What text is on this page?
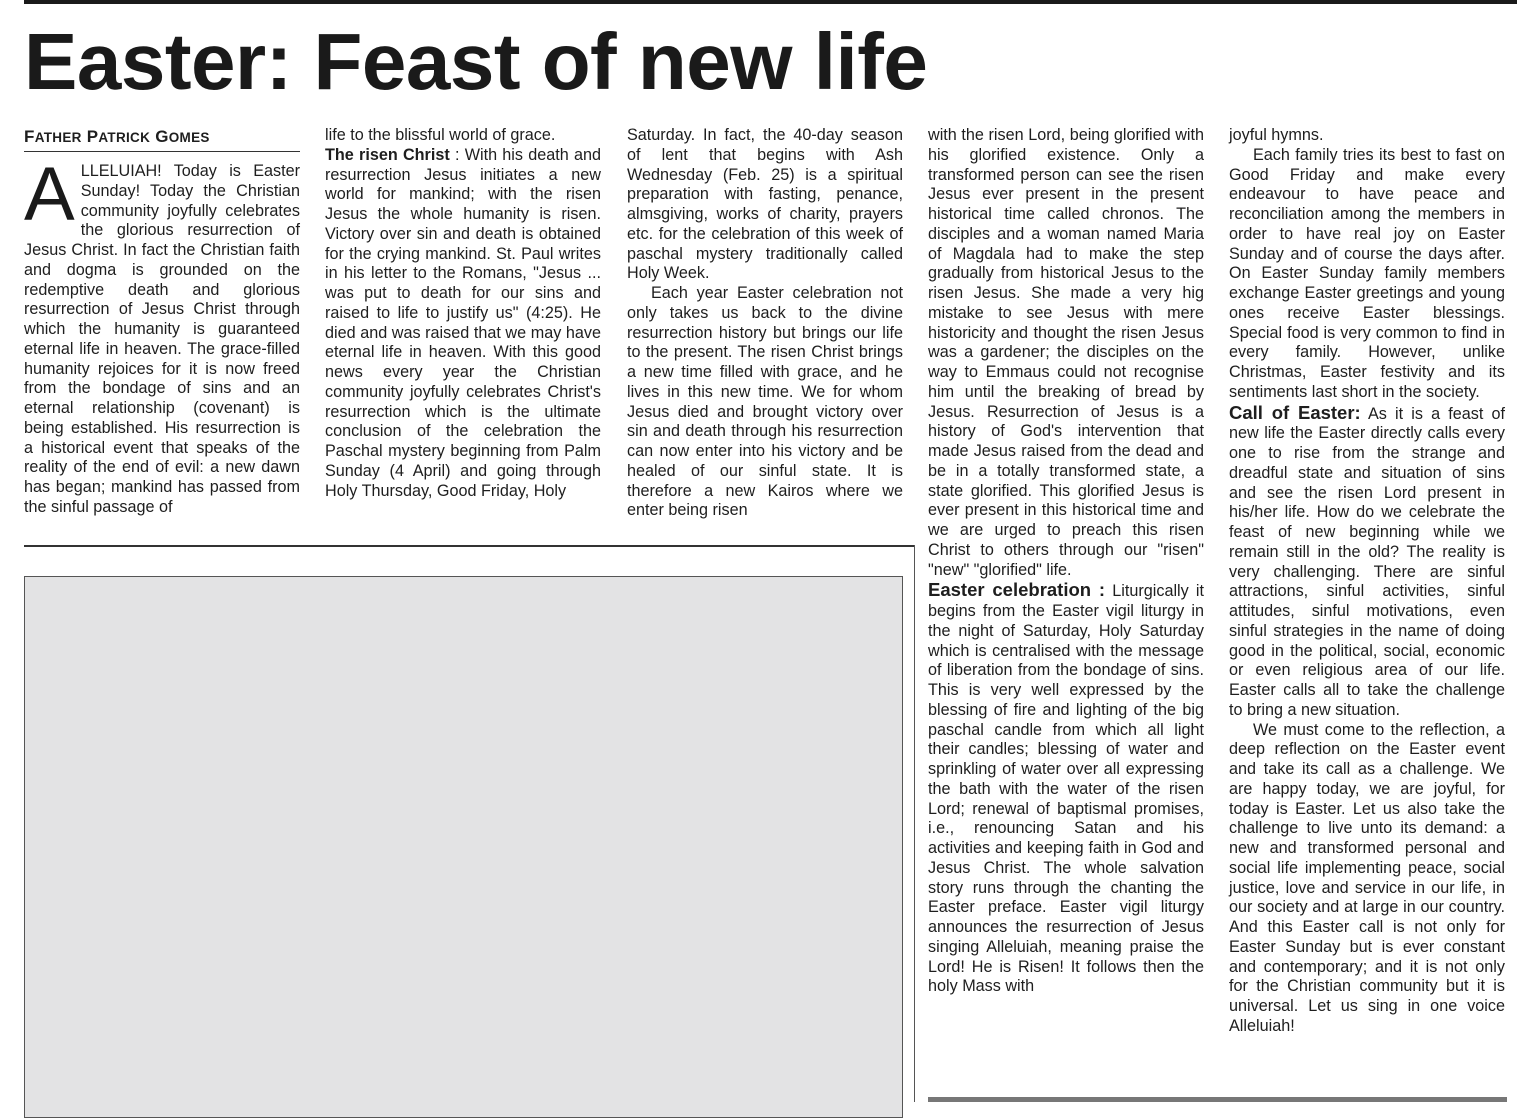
Easter: Feast of new life
FATHER PATRICK GOMES

ALLELUIAH! Today is Easter Sunday! Today the Christian community joyfully celebrates the glorious resurrection of Jesus Christ. In fact the Christian faith and dogma is grounded on the redemptive death and glorious resurrection of Jesus Christ through which the humanity is guaranteed eternal life in heaven. The grace-filled humanity rejoices for it is now freed from the bondage of sins and an eternal relationship (covenant) is being established. His resurrection is a historical event that speaks of the reality of the end of evil: a new dawn has began; mankind has passed from the sinful passage of

life to the blissful world of grace.

The risen Christ : With his death and resurrection Jesus initiates a new world for mankind; with the risen Jesus the whole humanity is risen. Victory over sin and death is obtained for the crying mankind. St. Paul writes in his letter to the Romans, "Jesus ... was put to death for our sins and raised to life to justify us" (4:25). He died and was raised that we may have eternal life in heaven. With this good news every year the Christian community joyfully celebrates Christ's resurrection which is the ultimate conclusion of the celebration the Paschal mystery beginning from Palm Sunday (4 April) and going through Holy Thursday, Good Friday, Holy

Saturday. In fact, the 40-day season of lent that begins with Ash Wednesday (Feb. 25) is a spiritual preparation with fasting, penance, almsgiving, works of charity, prayers etc. for the celebration of this week of paschal mystery traditionally called Holy Week.

Each year Easter celebration not only takes us back to the divine resurrection history but brings our life to the present. The risen Christ brings a new time filled with grace, and he lives in this new time. We for whom Jesus died and brought victory over sin and death through his resurrection can now enter into his victory and be healed of our sinful state. It is therefore a new Kairos where we enter being risen

with the risen Lord, being glorified with his glorified existence. Only a transformed person can see the risen Jesus ever present in the present historical time called chronos. The disciples and a woman named Maria of Magdala had to make the step gradually from historical Jesus to the risen Jesus. She made a very hig mistake to see Jesus with mere historicity and thought the risen Jesus was a gardener; the disciples on the way to Emmaus could not recognise him until the breaking of bread by Jesus. Resurrection of Jesus is a history of God's intervention that made Jesus raised from the dead and be in a totally transformed state, a state glorified. This glorified Jesus is ever present in this historical time and we are urged to preach this risen Christ to others through our "risen" "new" "glorified" life.

Easter celebration : Liturgically it begins from the Easter vigil liturgy in the night of Saturday, Holy Saturday which is centralised with the message of liberation from the bondage of sins. This is very well expressed by the blessing of fire and lighting of the big paschal candle from which all light their candles; blessing of water and sprinkling of water over all expressing the bath with the water of the risen Lord; renewal of baptismal promises, i.e., renouncing Satan and his activities and keeping faith in God and Jesus Christ. The whole salvation story runs through the chanting the Easter preface. Easter vigil liturgy announces the resurrection of Jesus singing Alleluiah, meaning praise the Lord! He is Risen! It follows then the holy Mass with

joyful hymns.

Each family tries its best to fast on Good Friday and make every endeavour to have peace and reconciliation among the members in order to have real joy on Easter Sunday and of course the days after. On Easter Sunday family members exchange Easter greetings and young ones receive Easter blessings. Special food is very common to find in every family. However, unlike Christmas, Easter festivity and its sentiments last short in the society.

Call of Easter: As it is a feast of new life the Easter directly calls every one to rise from the strange and dreadful state and situation of sins and see the risen Lord present in his/her life. How do we celebrate the feast of new beginning while we remain still in the old? The reality is very challenging. There are sinful attractions, sinful activities, sinful attitudes, sinful motivations, even sinful strategies in the name of doing good in the political, social, economic or even religious area of our life. Easter calls all to take the challenge to bring a new situation.

We must come to the reflection, a deep reflection on the Easter event and take its call as a challenge. We are happy today, we are joyful, for today is Easter. Let us also take the challenge to live unto its demand: a new and transformed personal and social life implementing peace, social justice, love and service in our life, in our society and at large in our country. And this Easter call is not only for Easter Sunday but is ever constant and contemporary; and it is not only for the Christian community but it is universal. Let us sing in one voice Alleluiah!
